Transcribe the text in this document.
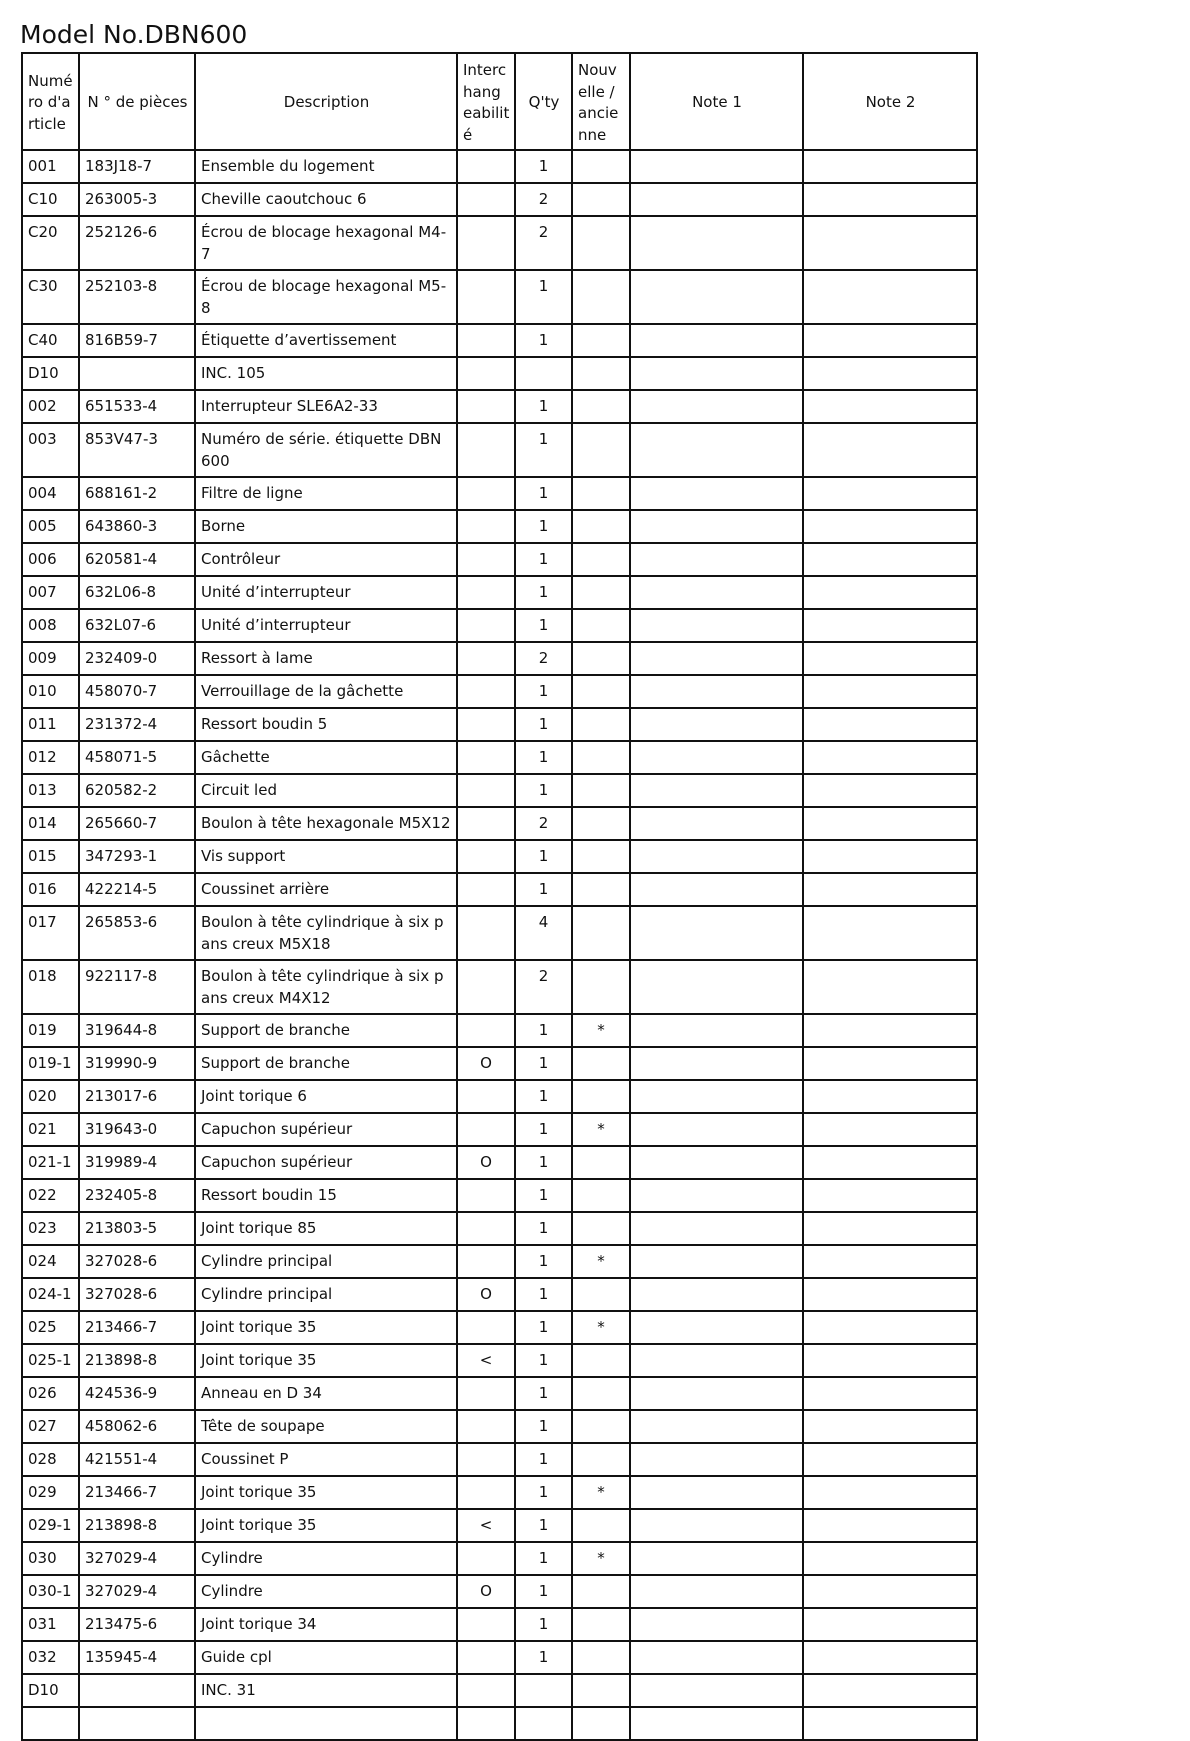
Model No.DBN600
Numé ro d'a rticle	N ° de pièces	Description	Interc hang eabilit é	Q'ty	Nouv elle / ancie nne	Note 1	Note 2
001	183J18-7	Ensemble du logement		1			
C10	263005-3	Cheville caoutchouc 6		2			
C20	252126-6	Écrou de blocage hexagonal M4-7		2			
C30	252103-8	Écrou de blocage hexagonal M5-8		1			
C40	816B59-7	Étiquette d’avertissement		1			
D10		INC. 105					
002	651533-4	Interrupteur SLE6A2-33		1			
003	853V47-3	Numéro de série. étiquette DBN 600		1			
004	688161-2	Filtre de ligne		1			
005	643860-3	Borne		1			
006	620581-4	Contrôleur		1			
007	632L06-8	Unité d’interrupteur		1			
008	632L07-6	Unité d’interrupteur		1			
009	232409-0	Ressort à lame		2			
010	458070-7	Verrouillage de la gâchette		1			
011	231372-4	Ressort boudin 5		1			
012	458071-5	Gâchette		1			
013	620582-2	Circuit led		1			
014	265660-7	Boulon à tête hexagonale M5X12		2			
015	347293-1	Vis support		1			
016	422214-5	Coussinet arrière		1			
017	265853-6	Boulon à tête cylindrique à six pans creux M5X18		4			
018	922117-8	Boulon à tête cylindrique à six pans creux M4X12		2			
019	319644-8	Support de branche		1	*		
019-1	319990-9	Support de branche	O	1			
020	213017-6	Joint torique 6		1			
021	319643-0	Capuchon supérieur		1	*		
021-1	319989-4	Capuchon supérieur	O	1			
022	232405-8	Ressort boudin 15		1			
023	213803-5	Joint torique 85		1			
024	327028-6	Cylindre principal		1	*		
024-1	327028-6	Cylindre principal	O	1			
025	213466-7	Joint torique 35		1	*		
025-1	213898-8	Joint torique 35	<	1			
026	424536-9	Anneau en D 34		1			
027	458062-6	Tête de soupape		1			
028	421551-4	Coussinet P		1			
029	213466-7	Joint torique 35		1	*		
029-1	213898-8	Joint torique 35	<	1			
030	327029-4	Cylindre		1	*		
030-1	327029-4	Cylindre	O	1			
031	213475-6	Joint torique 34		1			
032	135945-4	Guide cpl		1			
D10		INC. 31					
